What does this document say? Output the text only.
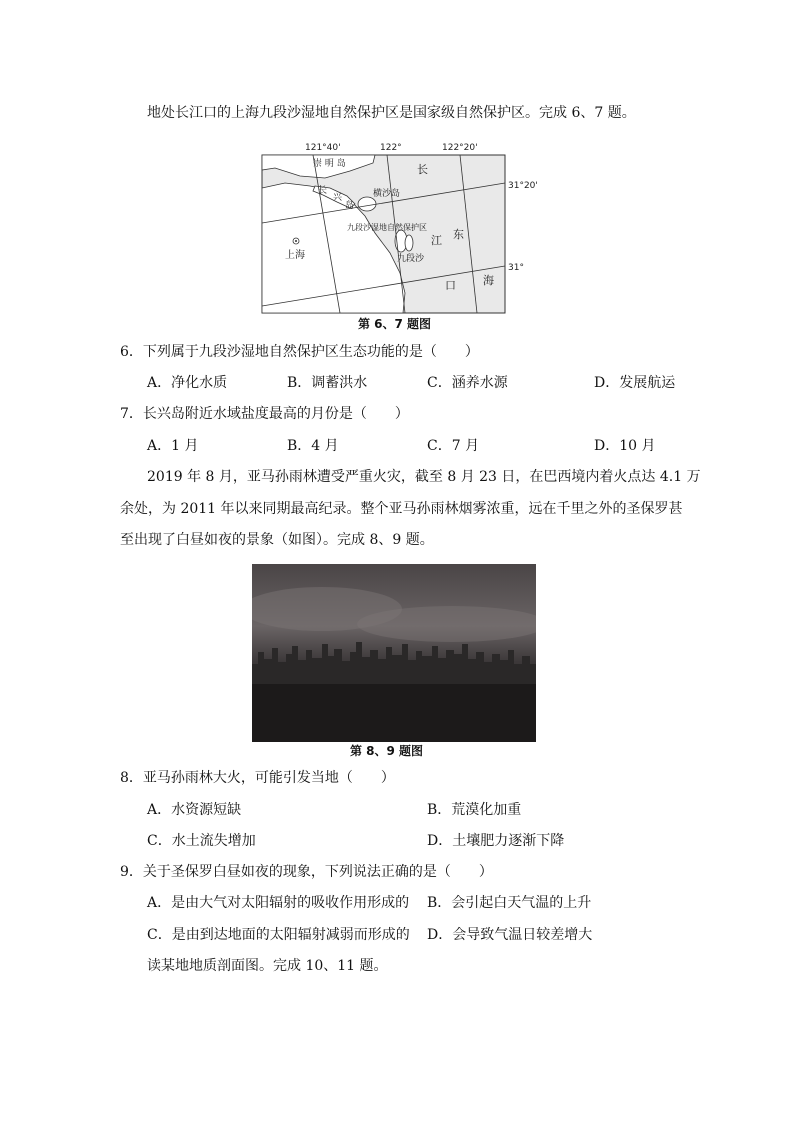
地处长江口的上海九段沙湿地自然保护区是国家级自然保护区。完成 6、7 题。
121°40'	122°	122°20'
31°20'
31°
崇 明 岛
长
兴
岛
横沙岛
九段沙湿地自然保护区
九段沙
上海
长
江
口
东
海
第 6、7 题图
6．下列属于九段沙湿地自然保护区生态功能的是（　　）
A．净化水质	B．调蓄洪水	C．涵养水源	D．发展航运
7．长兴岛附近水域盐度最高的月份是（　　）
A．1 月	B．4 月	C．7 月	D．10 月
2019 年 8 月，亚马孙雨林遭受严重火灾，截至 8 月 23 日，在巴西境内着火点达 4.1 万
余处，为 2011 年以来同期最高纪录。整个亚马孙雨林烟雾浓重，远在千里之外的圣保罗甚
至出现了白昼如夜的景象（如图）。完成 8、9 题。
第 8、9 题图
8．亚马孙雨林大火，可能引发当地（　　）
A．水资源短缺	B．荒漠化加重
C．水土流失增加	D．土壤肥力逐渐下降
9．关于圣保罗白昼如夜的现象，下列说法正确的是（　　）
A．是由大气对太阳辐射的吸收作用形成的 B．会引起白天气温的上升
C．是由到达地面的太阳辐射减弱而形成的 D．会导致气温日较差增大
读某地地质剖面图。完成 10、11 题。
